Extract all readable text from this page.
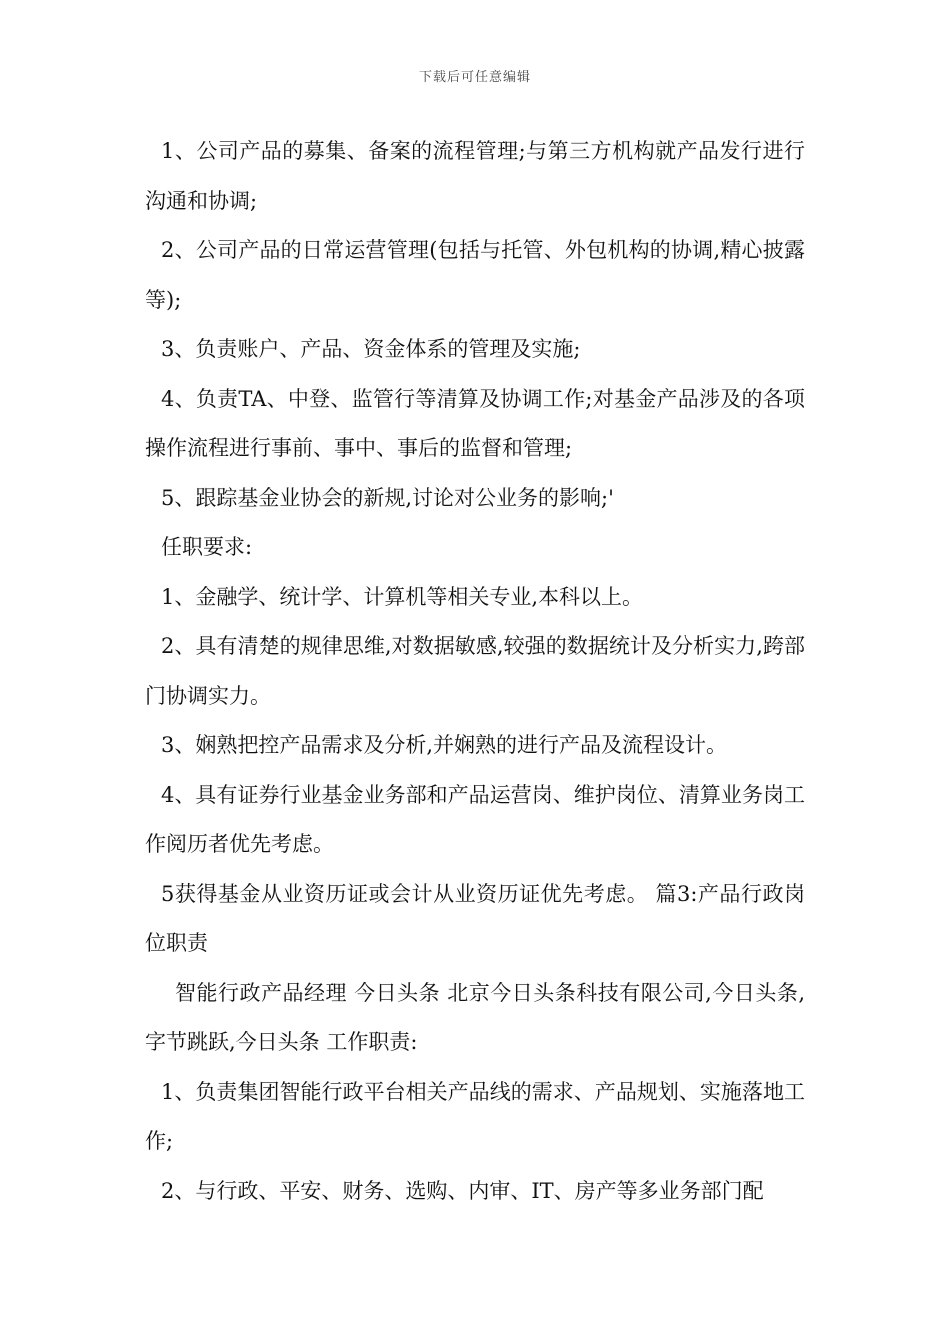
下载后可任意编辑

1、公司产品的募集、备案的流程管理;与第三方机构就产品发行进行沟通和协调;

2、公司产品的日常运营管理(包括与托管、外包机构的协调,精心披露等);

3、负责账户、产品、资金体系的管理及实施;

4、负责TA、中登、监管行等清算及协调工作;对基金产品涉及的各项操作流程进行事前、事中、事后的监督和管理;

5、跟踪基金业协会的新规,讨论对公业务的影响;'

任职要求:

1、金融学、统计学、计算机等相关专业,本科以上。

2、具有清楚的规律思维,对数据敏感,较强的数据统计及分析实力,跨部门协调实力。

3、娴熟把控产品需求及分析,并娴熟的进行产品及流程设计。

4、具有证券行业基金业务部和产品运营岗、维护岗位、清算业务岗工作阅历者优先考虑。

5获得基金从业资历证或会计从业资历证优先考虑。 篇3:产品行政岗位职责

智能行政产品经理 今日头条 北京今日头条科技有限公司,今日头条,字节跳跃,今日头条 工作职责:

1、负责集团智能行政平台相关产品线的需求、产品规划、实施落地工作;

2、与行政、平安、财务、选购、内审、IT、房产等多业务部门配
